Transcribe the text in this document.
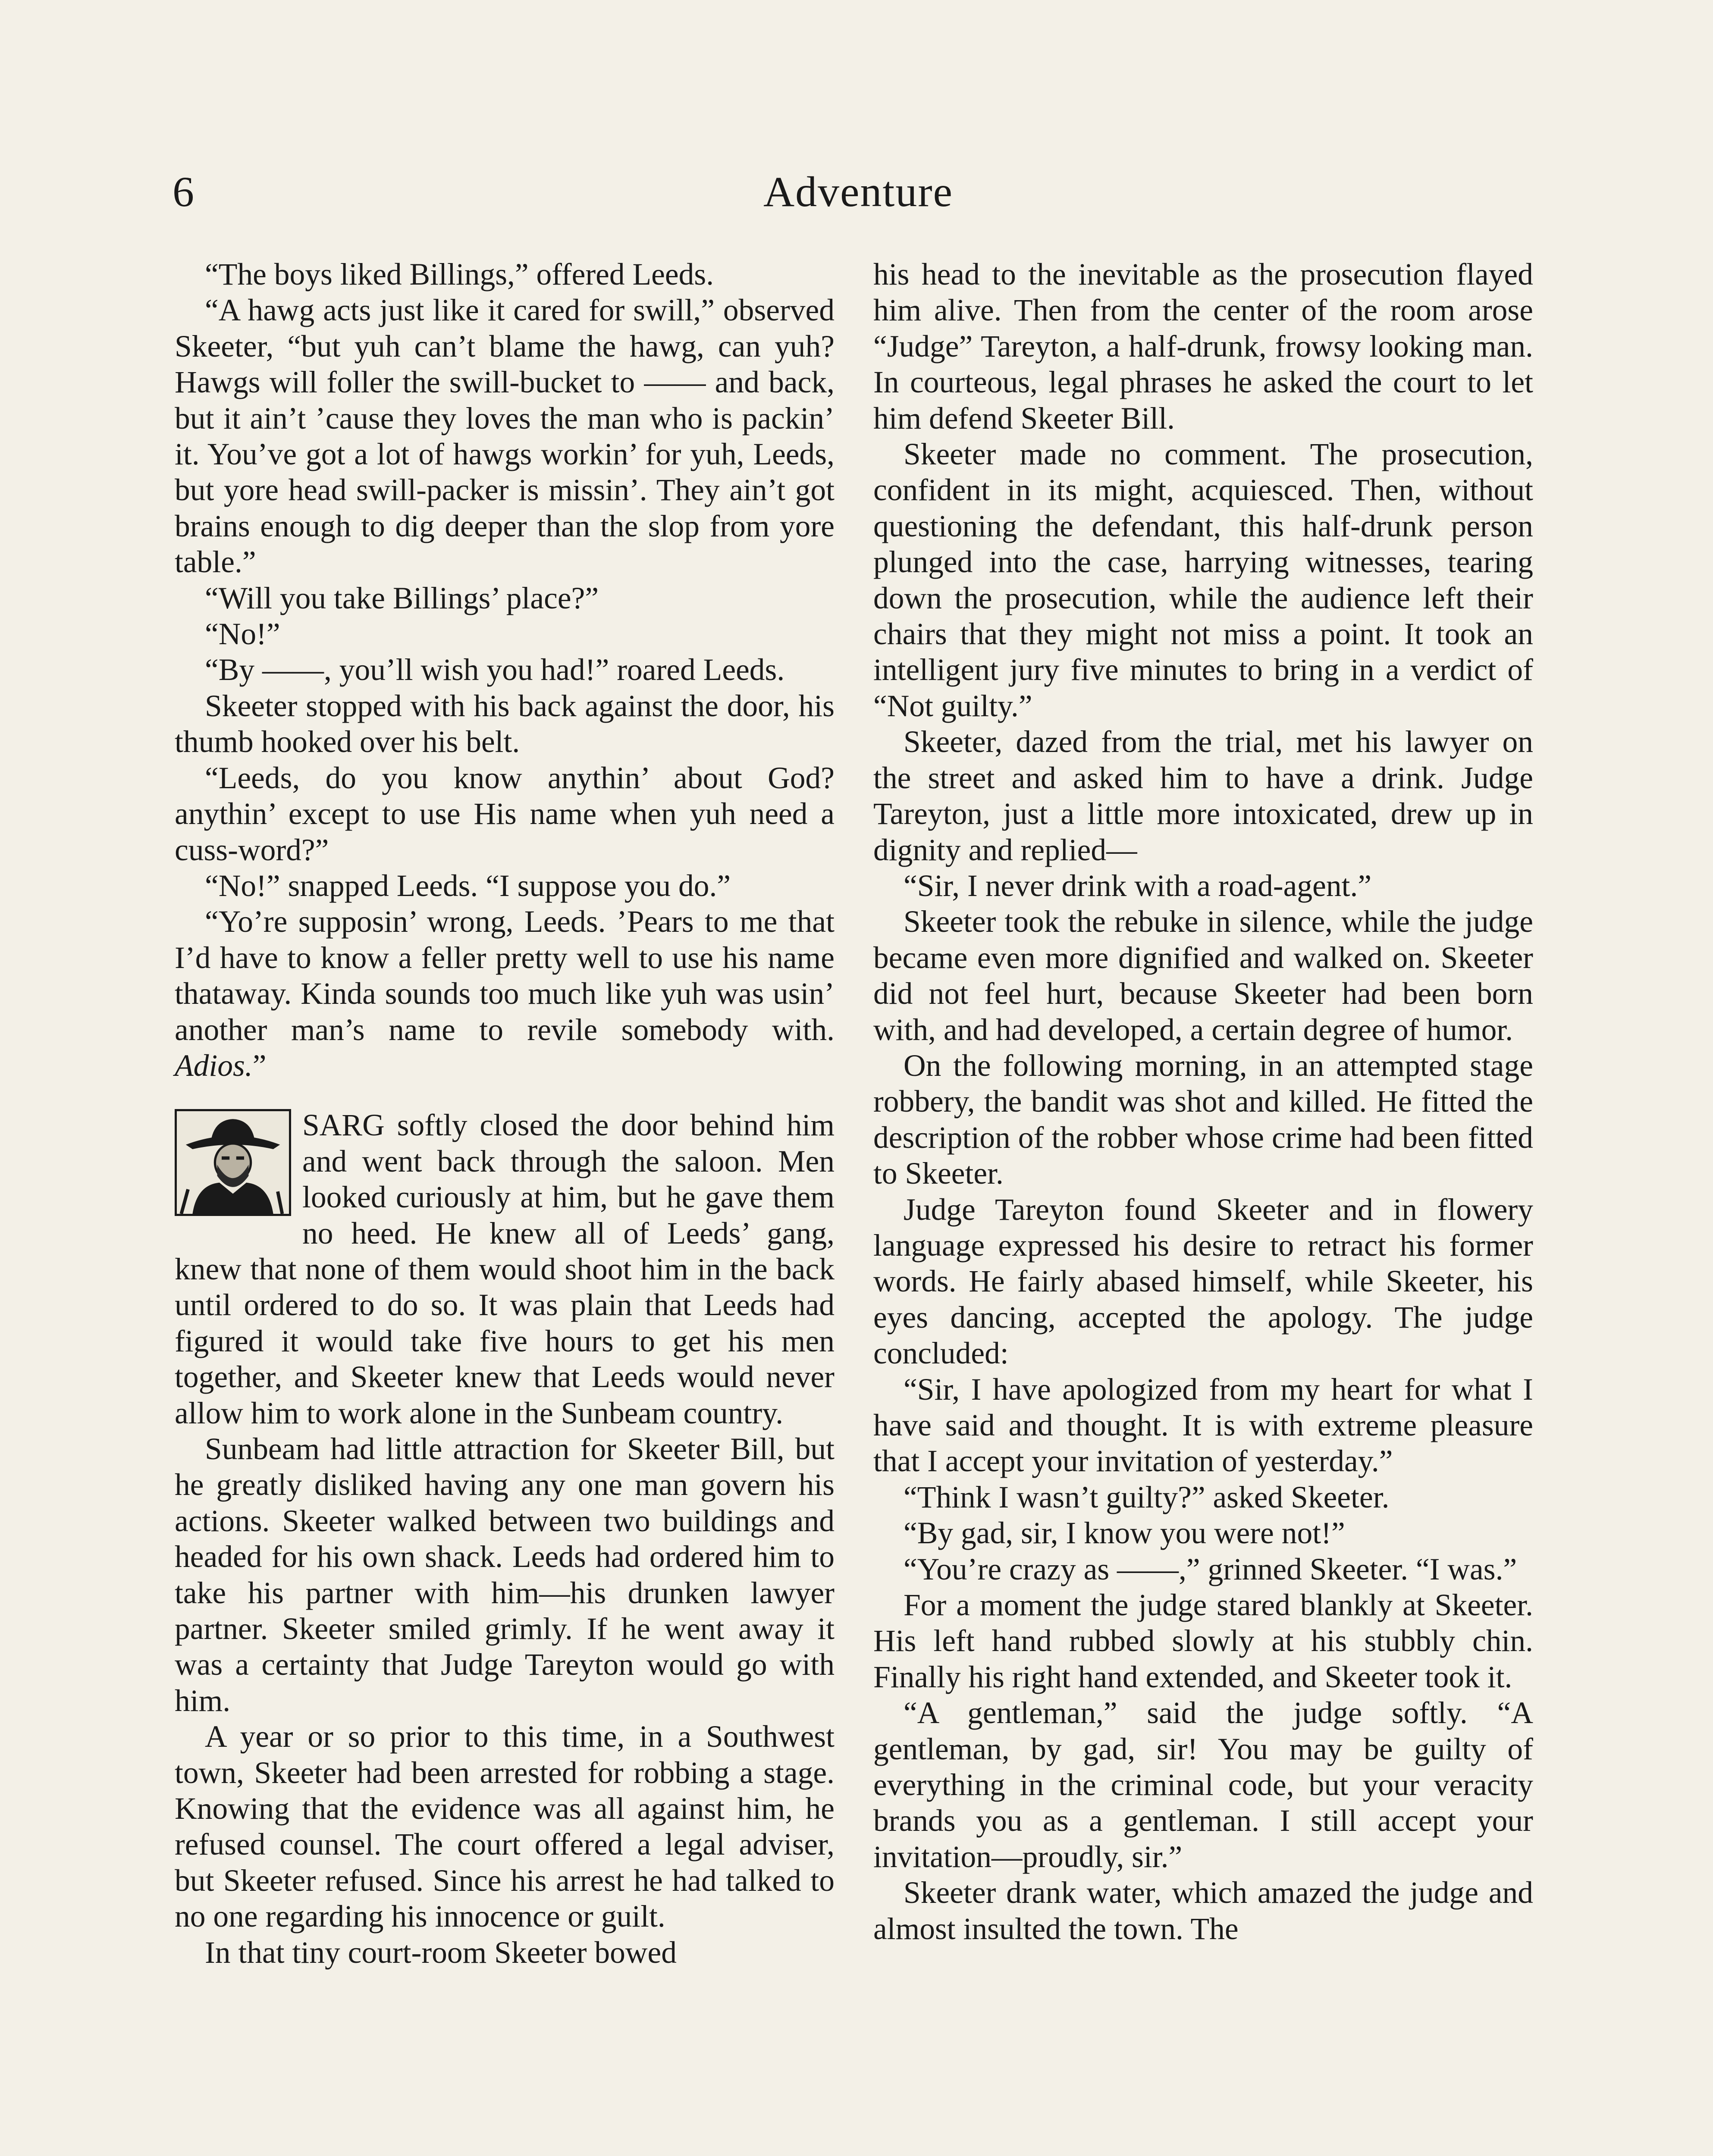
6	Adventure

“The boys liked Billings,” offered Leeds.

“A hawg acts just like it cared for swill,” observed Skeeter, “but yuh can’t blame the hawg, can yuh? Hawgs will foller the swill-bucket to —— and back, but it ain’t ’cause they loves the man who is packin’ it. You’ve got a lot of hawgs workin’ for yuh, Leeds, but yore head swill-packer is missin’. They ain’t got brains enough to dig deeper than the slop from yore table.”

“Will you take Billings’ place?”

“No!”

“By ——, you’ll wish you had!” roared Leeds.

Skeeter stopped with his back against the door, his thumb hooked over his belt.

“Leeds, do you know anythin’ about God? anythin’ except to use His name when yuh need a cuss-word?”

“No!” snapped Leeds. “I suppose you do.”

“Yo’re supposin’ wrong, Leeds. ’Pears to me that I’d have to know a feller pretty well to use his name thataway. Kinda sounds too much like yuh was usin’ another man’s name to revile somebody with. Adios.”

SARG softly closed the door behind him and went back through the saloon. Men looked curiously at him, but he gave them no heed. He knew all of Leeds’ gang, knew that none of them would shoot him in the back until ordered to do so. It was plain that Leeds had figured it would take five hours to get his men together, and Skeeter knew that Leeds would never allow him to work alone in the Sunbeam country.

Sunbeam had little attraction for Skeeter Bill, but he greatly disliked having any one man govern his actions. Skeeter walked between two buildings and headed for his own shack. Leeds had ordered him to take his partner with him—his drunken lawyer partner. Skeeter smiled grimly. If he went away it was a certainty that Judge Tareyton would go with him.

A year or so prior to this time, in a Southwest town, Skeeter had been arrested for robbing a stage. Knowing that the evidence was all against him, he refused counsel. The court offered a legal adviser, but Skeeter refused. Since his arrest he had talked to no one regarding his innocence or guilt.

In that tiny court-room Skeeter bowed

his head to the inevitable as the prosecution flayed him alive. Then from the center of the room arose “Judge” Tareyton, a half-drunk, frowsy looking man. In courteous, legal phrases he asked the court to let him defend Skeeter Bill.

Skeeter made no comment. The prosecution, confident in its might, acquiesced. Then, without questioning the defendant, this half-drunk person plunged into the case, harrying witnesses, tearing down the prosecution, while the audience left their chairs that they might not miss a point. It took an intelligent jury five minutes to bring in a verdict of “Not guilty.”

Skeeter, dazed from the trial, met his lawyer on the street and asked him to have a drink. Judge Tareyton, just a little more intoxicated, drew up in dignity and replied—

“Sir, I never drink with a road-agent.”

Skeeter took the rebuke in silence, while the judge became even more dignified and walked on. Skeeter did not feel hurt, because Skeeter had been born with, and had developed, a certain degree of humor.

On the following morning, in an attempted stage robbery, the bandit was shot and killed. He fitted the description of the robber whose crime had been fitted to Skeeter.

Judge Tareyton found Skeeter and in flowery language expressed his desire to retract his former words. He fairly abased himself, while Skeeter, his eyes dancing, accepted the apology. The judge concluded:

“Sir, I have apologized from my heart for what I have said and thought. It is with extreme pleasure that I accept your invitation of yesterday.”

“Think I wasn’t guilty?” asked Skeeter.

“By gad, sir, I know you were not!”

“You’re crazy as ——,” grinned Skeeter. “I was.”

For a moment the judge stared blankly at Skeeter. His left hand rubbed slowly at his stubbly chin. Finally his right hand extended, and Skeeter took it.

“A gentleman,” said the judge softly. “A gentleman, by gad, sir! You may be guilty of everything in the criminal code, but your veracity brands you as a gentleman. I still accept your invitation—proudly, sir.”

Skeeter drank water, which amazed the judge and almost insulted the town. The
